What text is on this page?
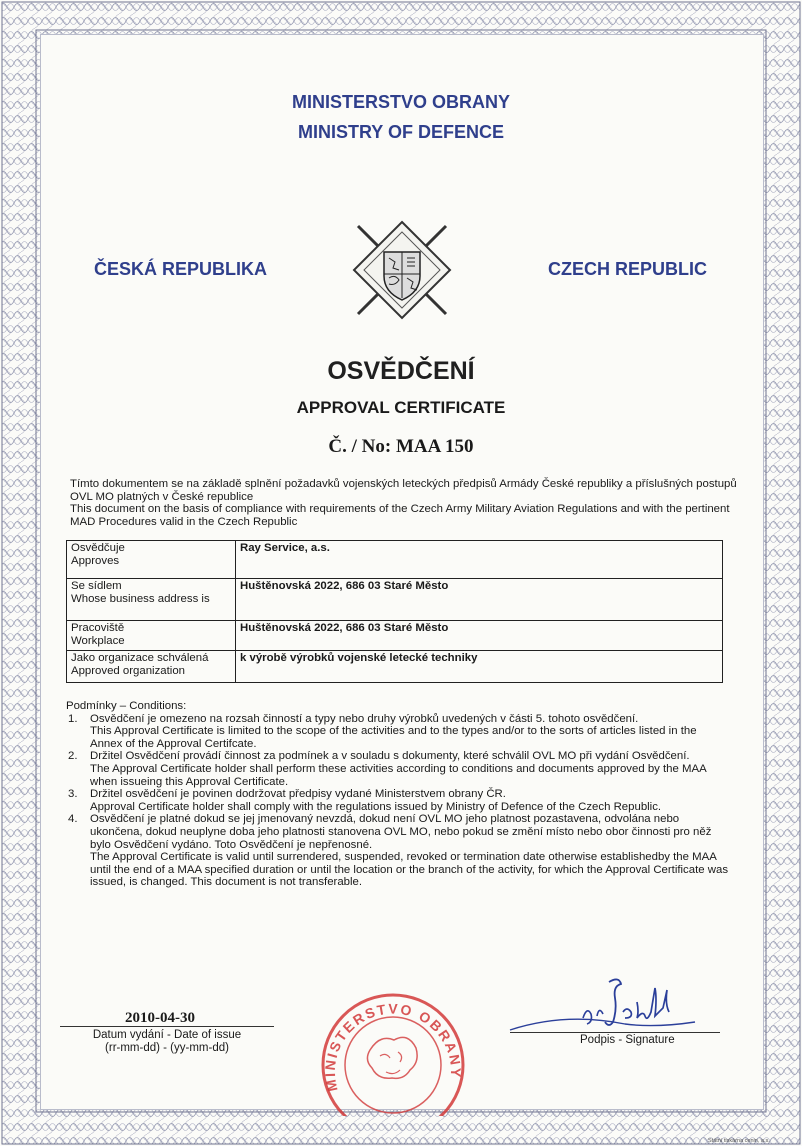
MINISTERSTVO OBRANY
MINISTRY OF DEFENCE
ČESKÁ REPUBLIKA	CZECH REPUBLIC
OSVĚDČENÍ
APPROVAL CERTIFICATE
Č. / No: MAA 150
Tímto dokumentem se na základě splnění požadavků vojenských leteckých předpisů Armády České republiky a příslušných postupů OVL MO platných v České republice
This document on the basis of compliance with requirements of the Czech Army Military Aviation Regulations and with the pertinent MAD Procedures valid in the Czech Republic
Osvědčuje
Approves	Ray Service, a.s.

Se sídlem
Whose business address is	Huštěnovská 2022, 686 03 Staré Město

Pracoviště
Workplace	Huštěnovská 2022, 686 03 Staré Město

Jako organizace schválená
Approved organization	k výrobě výrobků vojenské letecké techniky
Podmínky – Conditions:
1. Osvědčení je omezeno na rozsah činností a typy nebo druhy výrobků uvedených v části 5. tohoto osvědčení.
This Approval Certificate is limited to the scope of the activities and to the types and/or to the sorts of articles listed in the Annex of the Approval Certifcate.
2. Držitel Osvědčení provádí činnost za podmínek a v souladu s dokumenty, které schválil OVL MO při vydání Osvědčení.
The Approval Certificate holder shall perform these activities according to conditions and documents approved by the MAA when issueing this Approval Certificate.
3. Držitel osvědčení je povinen dodržovat předpisy vydané Ministerstvem obrany ČR.
Approval Certificate holder shall comply with the regulations issued by Ministry of Defence of the Czech Republic.
4. Osvědčení je platné dokud se jej jmenovaný nevzdá, dokud není OVL MO jeho platnost pozastavena, odvolána nebo ukončena, dokud neuplyne doba jeho platnosti stanovena OVL MO, nebo pokud se změní místo nebo obor činnosti pro něž bylo Osvědčení vydáno. Toto Osvědčení je nepřenosné.
The Approval Certificate is valid until surrendered, suspended, revoked or termination date otherwise establishedby the MAA until the end of a MAA specified duration or until the location or the branch of the activity, for which the Approval Certificate was issued, is changed. This document is not transferable.
MINISTERSTVO OBRANY
2010-04-30
Datum vydání - Date of issue
(rr-mm-dd) - (yy-mm-dd)
Podpis - Signature
Státní tiskárna cenin, a.s.
